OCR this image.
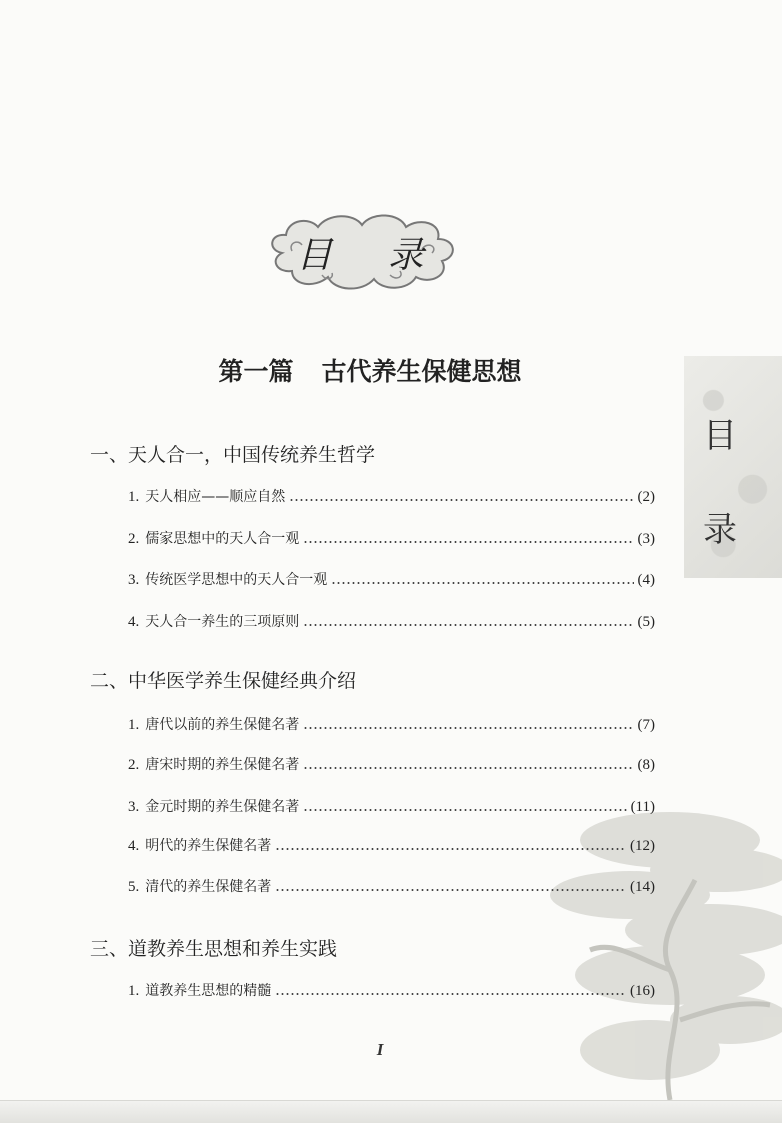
目 录
第一篇 古代养生保健思想
目
录
一、天人合一，中国传统养生哲学
1. 天人相应——顺应自然	(2)
2. 儒家思想中的天人合一观	(3)
3. 传统医学思想中的天人合一观	(4)
4. 天人合一养生的三项原则	(5)
二、中华医学养生保健经典介绍
1. 唐代以前的养生保健名著	(7)
2. 唐宋时期的养生保健名著	(8)
3. 金元时期的养生保健名著	(11)
4. 明代的养生保健名著	(12)
5. 清代的养生保健名著	(14)
三、道教养生思想和养生实践
1. 道教养生思想的精髓	(16)
I
